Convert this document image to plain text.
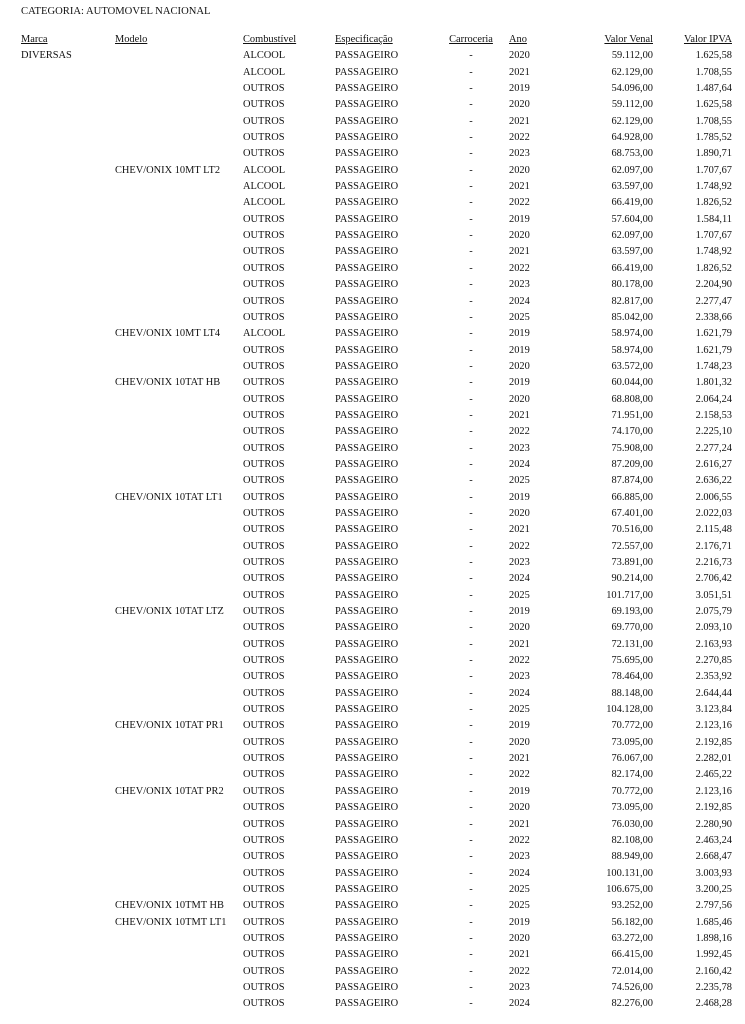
CATEGORIA: AUTOMOVEL NACIONAL
Marca	Modelo	Combustível	Especificação	Carroceria	Ano	Valor Venal	Valor IPVA
DIVERSAS		ALCOOL	PASSAGEIRO	-	2020	59.112,00	1.625,58
		ALCOOL	PASSAGEIRO	-	2021	62.129,00	1.708,55
		OUTROS	PASSAGEIRO	-	2019	54.096,00	1.487,64
		OUTROS	PASSAGEIRO	-	2020	59.112,00	1.625,58
		OUTROS	PASSAGEIRO	-	2021	62.129,00	1.708,55
		OUTROS	PASSAGEIRO	-	2022	64.928,00	1.785,52
		OUTROS	PASSAGEIRO	-	2023	68.753,00	1.890,71
	CHEV/ONIX 10MT LT2	ALCOOL	PASSAGEIRO	-	2020	62.097,00	1.707,67
		ALCOOL	PASSAGEIRO	-	2021	63.597,00	1.748,92
		ALCOOL	PASSAGEIRO	-	2022	66.419,00	1.826,52
		OUTROS	PASSAGEIRO	-	2019	57.604,00	1.584,11
		OUTROS	PASSAGEIRO	-	2020	62.097,00	1.707,67
		OUTROS	PASSAGEIRO	-	2021	63.597,00	1.748,92
		OUTROS	PASSAGEIRO	-	2022	66.419,00	1.826,52
		OUTROS	PASSAGEIRO	-	2023	80.178,00	2.204,90
		OUTROS	PASSAGEIRO	-	2024	82.817,00	2.277,47
		OUTROS	PASSAGEIRO	-	2025	85.042,00	2.338,66
	CHEV/ONIX 10MT LT4	ALCOOL	PASSAGEIRO	-	2019	58.974,00	1.621,79
		OUTROS	PASSAGEIRO	-	2019	58.974,00	1.621,79
		OUTROS	PASSAGEIRO	-	2020	63.572,00	1.748,23
	CHEV/ONIX 10TAT HB	OUTROS	PASSAGEIRO	-	2019	60.044,00	1.801,32
		OUTROS	PASSAGEIRO	-	2020	68.808,00	2.064,24
		OUTROS	PASSAGEIRO	-	2021	71.951,00	2.158,53
		OUTROS	PASSAGEIRO	-	2022	74.170,00	2.225,10
		OUTROS	PASSAGEIRO	-	2023	75.908,00	2.277,24
		OUTROS	PASSAGEIRO	-	2024	87.209,00	2.616,27
		OUTROS	PASSAGEIRO	-	2025	87.874,00	2.636,22
	CHEV/ONIX 10TAT LT1	OUTROS	PASSAGEIRO	-	2019	66.885,00	2.006,55
		OUTROS	PASSAGEIRO	-	2020	67.401,00	2.022,03
		OUTROS	PASSAGEIRO	-	2021	70.516,00	2.115,48
		OUTROS	PASSAGEIRO	-	2022	72.557,00	2.176,71
		OUTROS	PASSAGEIRO	-	2023	73.891,00	2.216,73
		OUTROS	PASSAGEIRO	-	2024	90.214,00	2.706,42
		OUTROS	PASSAGEIRO	-	2025	101.717,00	3.051,51
	CHEV/ONIX 10TAT LTZ	OUTROS	PASSAGEIRO	-	2019	69.193,00	2.075,79
		OUTROS	PASSAGEIRO	-	2020	69.770,00	2.093,10
		OUTROS	PASSAGEIRO	-	2021	72.131,00	2.163,93
		OUTROS	PASSAGEIRO	-	2022	75.695,00	2.270,85
		OUTROS	PASSAGEIRO	-	2023	78.464,00	2.353,92
		OUTROS	PASSAGEIRO	-	2024	88.148,00	2.644,44
		OUTROS	PASSAGEIRO	-	2025	104.128,00	3.123,84
	CHEV/ONIX 10TAT PR1	OUTROS	PASSAGEIRO	-	2019	70.772,00	2.123,16
		OUTROS	PASSAGEIRO	-	2020	73.095,00	2.192,85
		OUTROS	PASSAGEIRO	-	2021	76.067,00	2.282,01
		OUTROS	PASSAGEIRO	-	2022	82.174,00	2.465,22
	CHEV/ONIX 10TAT PR2	OUTROS	PASSAGEIRO	-	2019	70.772,00	2.123,16
		OUTROS	PASSAGEIRO	-	2020	73.095,00	2.192,85
		OUTROS	PASSAGEIRO	-	2021	76.030,00	2.280,90
		OUTROS	PASSAGEIRO	-	2022	82.108,00	2.463,24
		OUTROS	PASSAGEIRO	-	2023	88.949,00	2.668,47
		OUTROS	PASSAGEIRO	-	2024	100.131,00	3.003,93
		OUTROS	PASSAGEIRO	-	2025	106.675,00	3.200,25
	CHEV/ONIX 10TMT HB	OUTROS	PASSAGEIRO	-	2025	93.252,00	2.797,56
	CHEV/ONIX 10TMT LT1	OUTROS	PASSAGEIRO	-	2019	56.182,00	1.685,46
		OUTROS	PASSAGEIRO	-	2020	63.272,00	1.898,16
		OUTROS	PASSAGEIRO	-	2021	66.415,00	1.992,45
		OUTROS	PASSAGEIRO	-	2022	72.014,00	2.160,42
		OUTROS	PASSAGEIRO	-	2023	74.526,00	2.235,78
		OUTROS	PASSAGEIRO	-	2024	82.276,00	2.468,28
